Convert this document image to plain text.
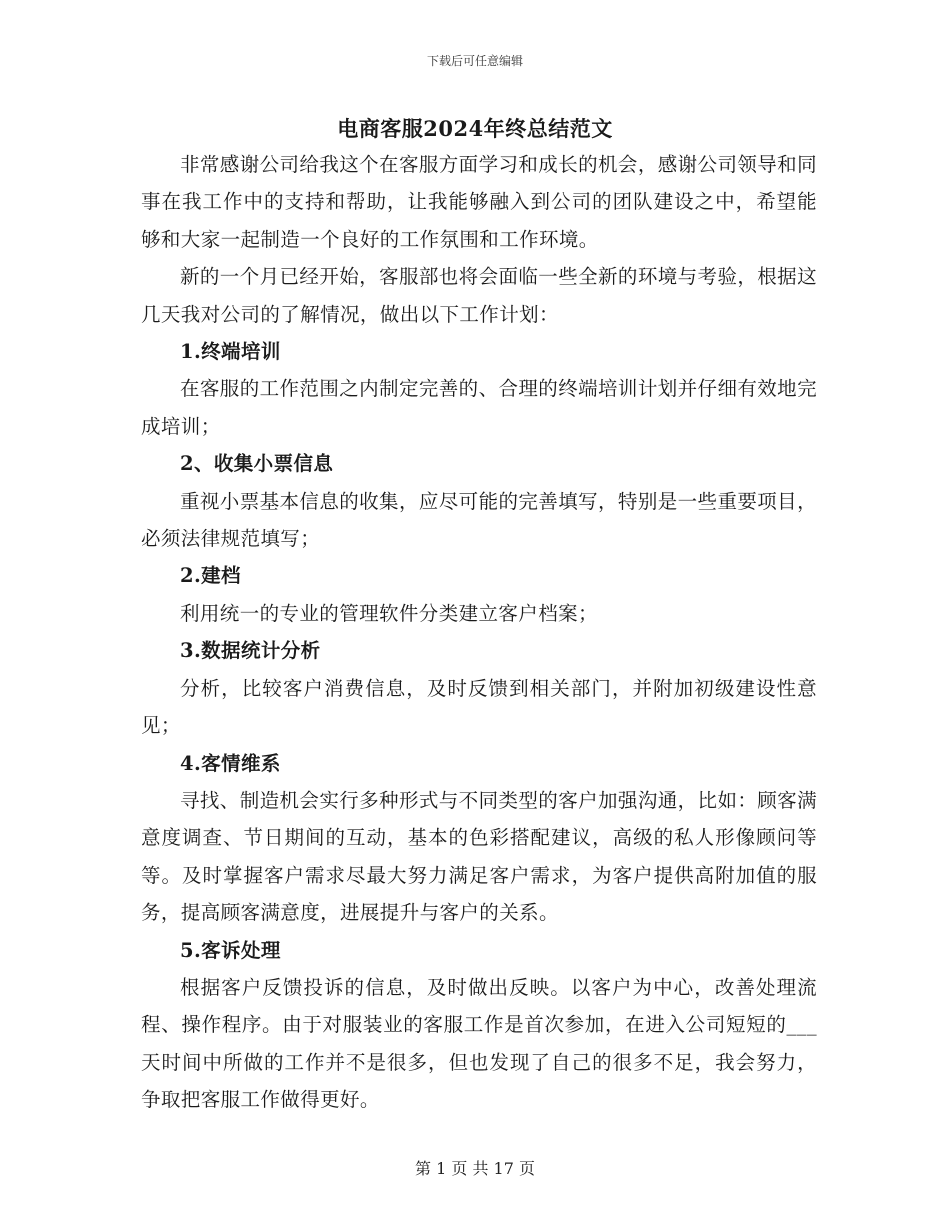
下载后可任意编辑
电商客服2024年终总结范文

非常感谢公司给我这个在客服方面学习和成长的机会，感谢公司领导和同事在我工作中的支持和帮助，让我能够融入到公司的团队建设之中，希望能够和大家一起制造一个良好的工作氛围和工作环境。

新的一个月已经开始，客服部也将会面临一些全新的环境与考验，根据这几天我对公司的了解情况，做出以下工作计划：

1.终端培训

在客服的工作范围之内制定完善的、合理的终端培训计划并仔细有效地完成培训；

2、收集小票信息

重视小票基本信息的收集，应尽可能的完善填写，特别是一些重要项目，必须法律规范填写；

2.建档

利用统一的专业的管理软件分类建立客户档案；

3.数据统计分析

分析，比较客户消费信息，及时反馈到相关部门，并附加初级建设性意见；

4.客情维系

寻找、制造机会实行多种形式与不同类型的客户加强沟通，比如：顾客满意度调查、节日期间的互动，基本的色彩搭配建议，高级的私人形像顾问等等。及时掌握客户需求尽最大努力满足客户需求，为客户提供高附加值的服务，提高顾客满意度，进展提升与客户的关系。

5.客诉处理

根据客户反馈投诉的信息，及时做出反映。以客户为中心，改善处理流程、操作程序。由于对服装业的客服工作是首次参加，在进入公司短短的___天时间中所做的工作并不是很多，但也发现了自己的很多不足，我会努力，争取把客服工作做得更好。

第 1 页 共 17 页
